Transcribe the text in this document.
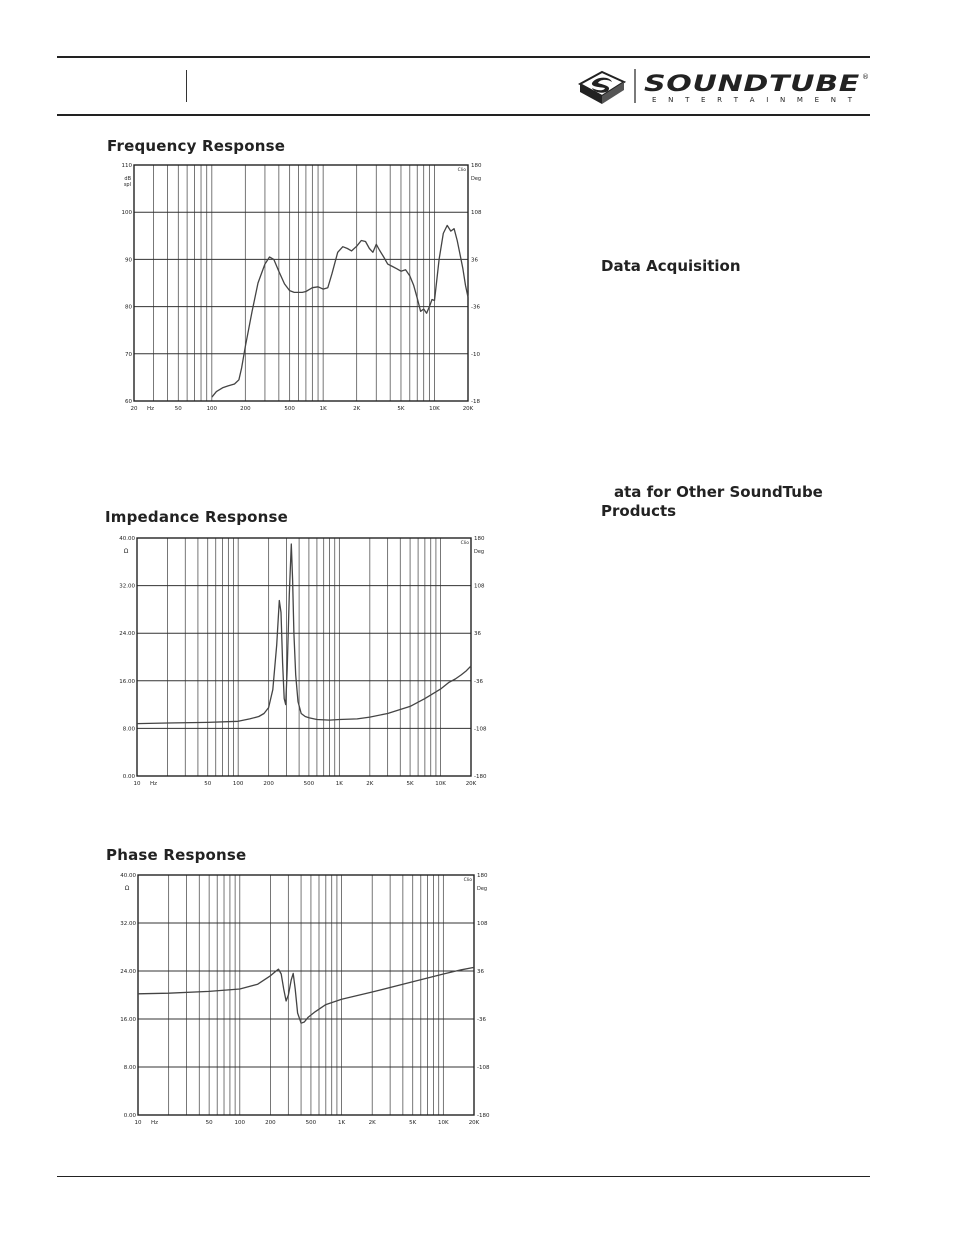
SOUNDTUBE ®
E N T E R T A I N M E N T
Frequency Response
Impedance Response
Phase Response
Data Acquisition
ata for Other SoundTube
Products
60
70
80
90
100
110
-18
-10
-36
36
108
180
20	50	100	200	500	1K	2K	5K	10K	20K
Hz
dB
spl
Deg
Clio
0.00
8.00
16.00
24.00
32.00
40.00
-180
-108
-36
36
108
180
10	50	100	200	500	1K	2K	5K	10K	20K
Hz
Ω	Deg
Clio
0.00
8.00
16.00
24.00
32.00
40.00
-180
-108
-36
36
108
180
10	50	100	200	500	1K	2K	5K	10K	20K
Hz
Ω	Deg
Clio
